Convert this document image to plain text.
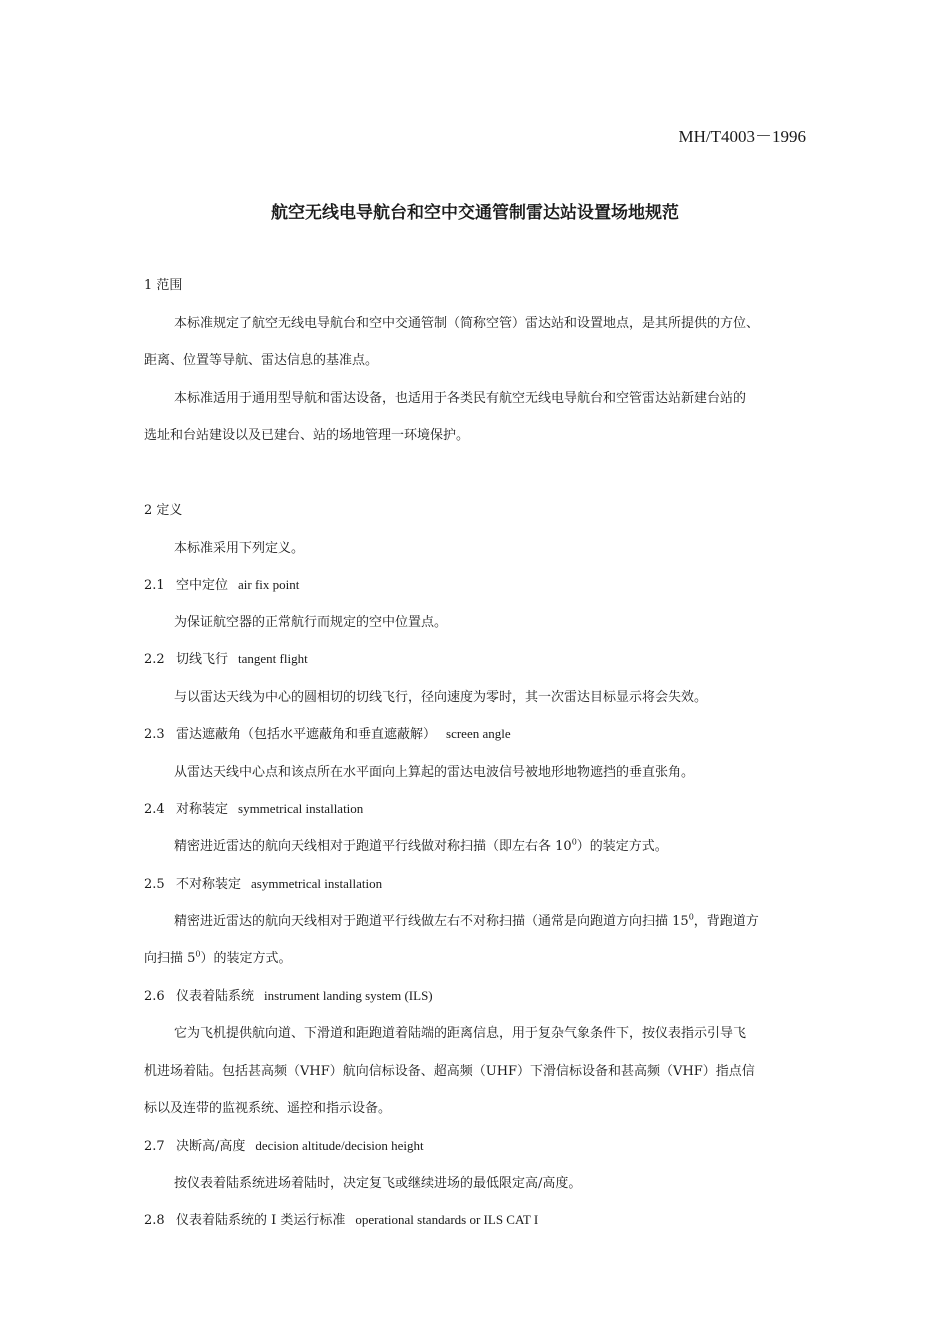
MH/T4003－1996
航空无线电导航台和空中交通管制雷达站设置场地规范
1 范围
本标准规定了航空无线电导航台和空中交通管制（简称空管）雷达站和设置地点，是其所提供的方位、
距离、位置等导航、雷达信息的基准点。
本标准适用于通用型导航和雷达设备，也适用于各类民有航空无线电导航台和空管雷达站新建台站的
选址和台站建设以及已建台、站的场地管理一环境保护。
2 定义
本标准采用下列定义。
2.1 空中定位 air fix point
为保证航空器的正常航行而规定的空中位置点。
2.2 切线飞行 tangent flight
与以雷达天线为中心的圆相切的切线飞行，径向速度为零时，其一次雷达目标显示将会失效。
2.3 雷达遮蔽角（包括水平遮蔽角和垂直遮蔽解） screen angle
从雷达天线中心点和该点所在水平面向上算起的雷达电波信号被地形地物遮挡的垂直张角。
2.4 对称装定 symmetrical installation
精密进近雷达的航向天线相对于跑道平行线做对称扫描（即左右各 $10^0$）的装定方式。
2.5 不对称装定 asymmetrical installation
精密进近雷达的航向天线相对于跑道平行线做左右不对称扫描（通常是向跑道方向扫描 $15^0$，背跑道方
向扫描 $5^0$）的装定方式。
2.6 仪表着陆系统 instrument landing system (ILS)
它为飞机提供航向道、下滑道和距跑道着陆端的距离信息，用于复杂气象条件下，按仪表指示引导飞
机进场着陆。包括甚高频（VHF）航向信标设备、超高频（UHF）下滑信标设备和甚高频（VHF）指点信
标以及连带的监视系统、遥控和指示设备。
2.7 决断高/高度 decision altitude/decision height
按仪表着陆系统进场着陆时，决定复飞或继续进场的最低限定高/高度。
2.8 仪表着陆系统的 I 类运行标准 operational standards or ILS CAT I
